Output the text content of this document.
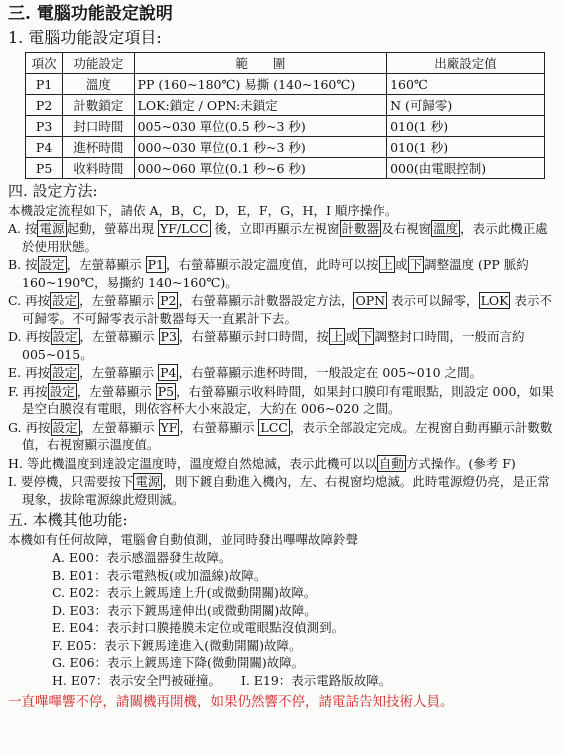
三. 電腦功能設定說明
1. 電腦功能設定項目:
項次	功能設定	範　　圍	出廠設定值
P1	溫度	PP (160~180℃) 易撕 (140~160℃)	160℃
P2	計數鎖定	LOK:鎖定 / OPN:未鎖定	N (可歸零)
P3	封口時間	005~030 單位(0.5 秒~3 秒)	010(1 秒)
P4	進杯時間	000~030 單位(0.1 秒~3 秒)	010(1 秒)
P5	收料時間	000~060 單位(0.1 秒~6 秒)	000(由電眼控制)
四. 設定方法:

本機設定流程如下，請依 A，B，C，D，E，F，G，H，I 順序操作。

A. 按 電源 起動，螢幕出現 YF/LCC 後，立即再顯示左視窗 計數器 及右視窗 溫度 ，表示此機正處於使用狀態。
B. 按 設定 ，左螢幕顯示 P1 ，右螢幕顯示設定溫度值，此時可以按 上 或 下 調整溫度 (PP 脈約 160~190℃，易撕約 140~160℃)。
C. 再按 設定 ，左螢幕顯示 P2 ，右螢幕顯示計數器設定方法， OPN 表示可以歸零， LOK 表示不可歸零。不可歸零表示計數器每天一直累計下去。
D. 再按 設定 ，左螢幕顯示 P3 ，右螢幕顯示封口時間，按 上 或 下 調整封口時間，一般而言約 005~015。
E. 再按 設定 ，左螢幕顯示 P4 ，右螢幕顯示進杯時間，一般設定在 005~010 之間。
F. 再按 設定 ，左螢幕顯示 P5 ，右螢幕顯示收料時間，如果封口膜印有電眼點，則設定 000，如果是空白膜沒有電眼，則依容杯大小來設定，大約在 006~020 之間。
G. 再按 設定 ，左螢幕顯示 YF ，右螢幕顯示 LCC ，表示全部設定完成。左視窗自動再顯示計數數值，右視窗顯示溫度值。
H. 等此機溫度到達設定溫度時，溫度燈自然熄滅，表示此機可以以 自動 方式操作。(參考 F)
I. 要停機，只需要按下 電源 ，則下鍍自動進入機內，左、右視窗均熄滅。此時電源燈仍亮，是正常現象，拔除電源線此燈則滅。
五. 本機其他功能:

本機如有任何故障，電腦會自動偵測，並同時發出嗶嗶故障鈴聲

A. E00：表示感溫器發生故障。

B. E01：表示電熱板(或加溫線)故障。

C. E02：表示上鍍馬達上升(或微動開關)故障。

D. E03：表示下鍍馬達伸出(或微動開關)故障。

E. E04：表示封口膜捲膜未定位或電眼點沒偵測到。

F. E05：表示下鍍馬達進入(微動開關)故障。

G. E06：表示上鍍馬達下降(微動開關)故障。

H. E07：表示安全門被碰撞。 I. E19：表示電路版故障。

一直嗶嗶響不停，請關機再開機，如果仍然響不停，請電話告知技術人員。
